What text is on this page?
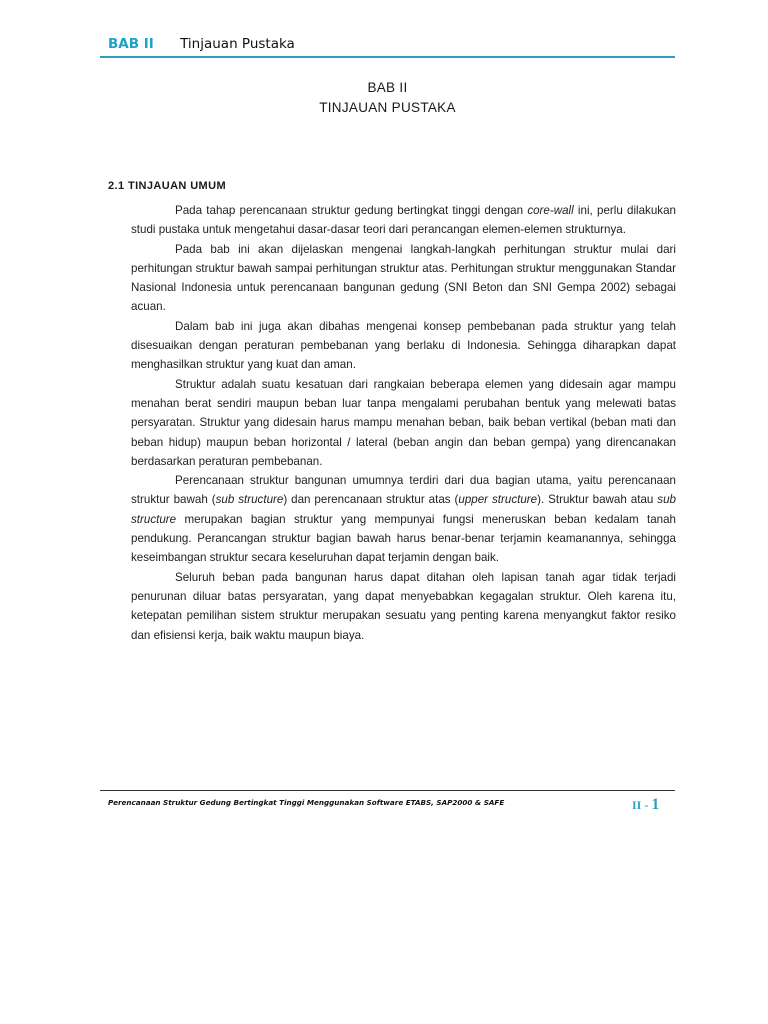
BAB II Tinjauan Pustaka
BAB II
TINJAUAN PUSTAKA
2.1 TINJAUAN UMUM

Pada tahap perencanaan struktur gedung bertingkat tinggi dengan core-wall ini, perlu dilakukan studi pustaka untuk mengetahui dasar-dasar teori dari perancangan elemen-elemen strukturnya.

Pada bab ini akan dijelaskan mengenai langkah-langkah perhitungan struktur mulai dari perhitungan struktur bawah sampai perhitungan struktur atas. Perhitungan struktur menggunakan Standar Nasional Indonesia untuk perencanaan bangunan gedung (SNI Beton dan SNI Gempa 2002) sebagai acuan.

Dalam bab ini juga akan dibahas mengenai konsep pembebanan pada struktur yang telah disesuaikan dengan peraturan pembebanan yang berlaku di Indonesia. Sehingga diharapkan dapat menghasilkan struktur yang kuat dan aman.

Struktur adalah suatu kesatuan dari rangkaian beberapa elemen yang didesain agar mampu menahan berat sendiri maupun beban luar tanpa mengalami perubahan bentuk yang melewati batas persyaratan. Struktur yang didesain harus mampu menahan beban, baik beban vertikal (beban mati dan beban hidup) maupun beban horizontal / lateral (beban angin dan beban gempa) yang direncanakan berdasarkan peraturan pembebanan.

Perencanaan struktur bangunan umumnya terdiri dari dua bagian utama, yaitu perencanaan struktur bawah (sub structure) dan perencanaan struktur atas (upper structure). Struktur bawah atau sub structure merupakan bagian struktur yang mempunyai fungsi meneruskan beban kedalam tanah pendukung. Perancangan struktur bagian bawah harus benar-benar terjamin keamanannya, sehingga keseimbangan struktur secara keseluruhan dapat terjamin dengan baik.

Seluruh beban pada bangunan harus dapat ditahan oleh lapisan tanah agar tidak terjadi penurunan diluar batas persyaratan, yang dapat menyebabkan kegagalan struktur. Oleh karena itu, ketepatan pemilihan sistem struktur merupakan sesuatu yang penting karena menyangkut faktor resiko dan efisiensi kerja, baik waktu maupun biaya.

Perencanaan Struktur Gedung Bertingkat Tinggi Menggunakan Software ETABS, SAP2000 & SAFE	II - 1
